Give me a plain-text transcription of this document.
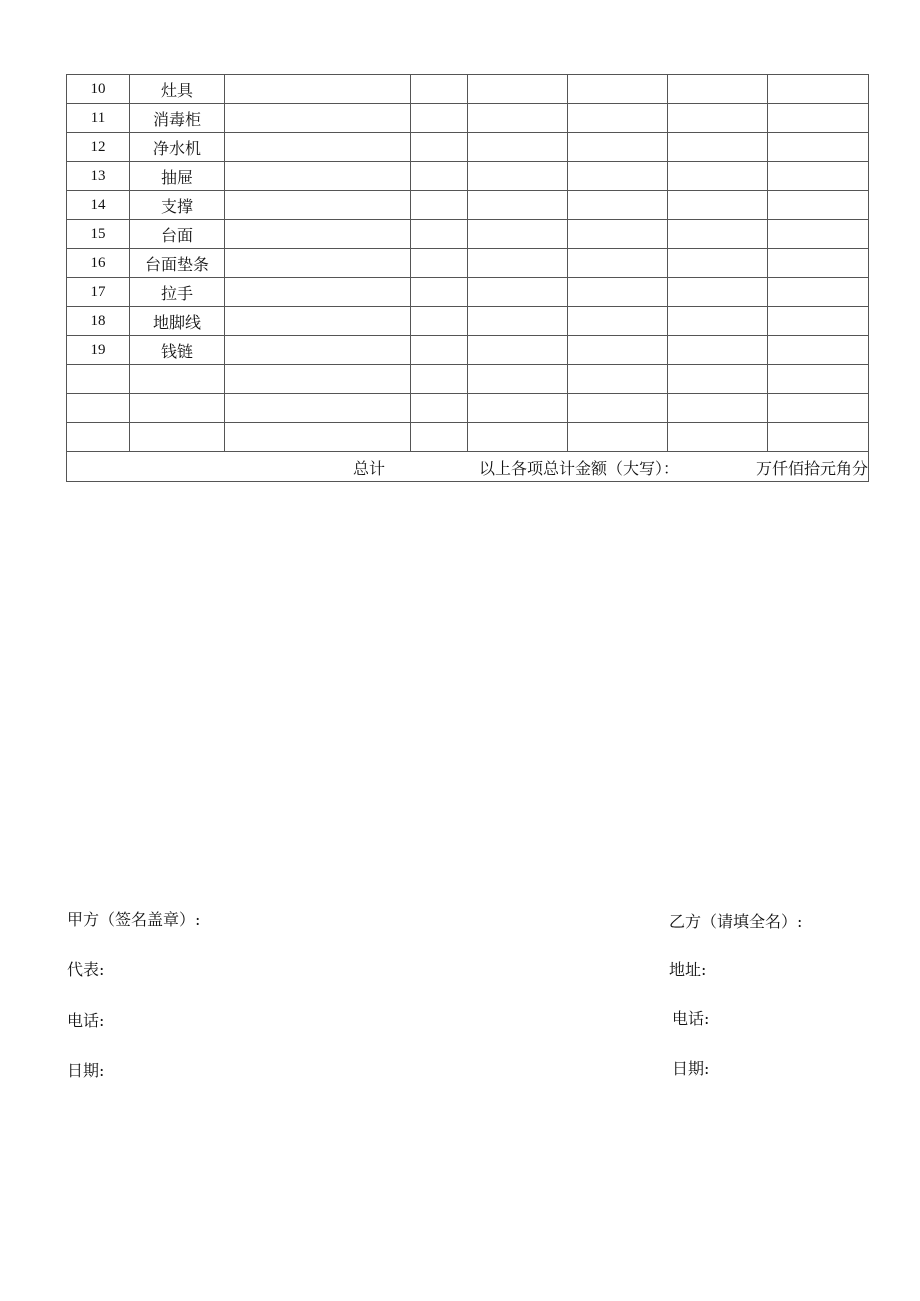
10	灶具						
11	消毒柜						
12	净水机						
13	抽屉						
14	支撑						
15	台面						
16	台面垫条						
17	拉手						
18	地脚线						
19	钱链						

总计 以上各项总计金额（大写）： 万仟佰拾元角分							
甲方（签名盖章）:
代表:
电话:
日期:
乙方（请填全名）:
地址:
电话:
日期:
